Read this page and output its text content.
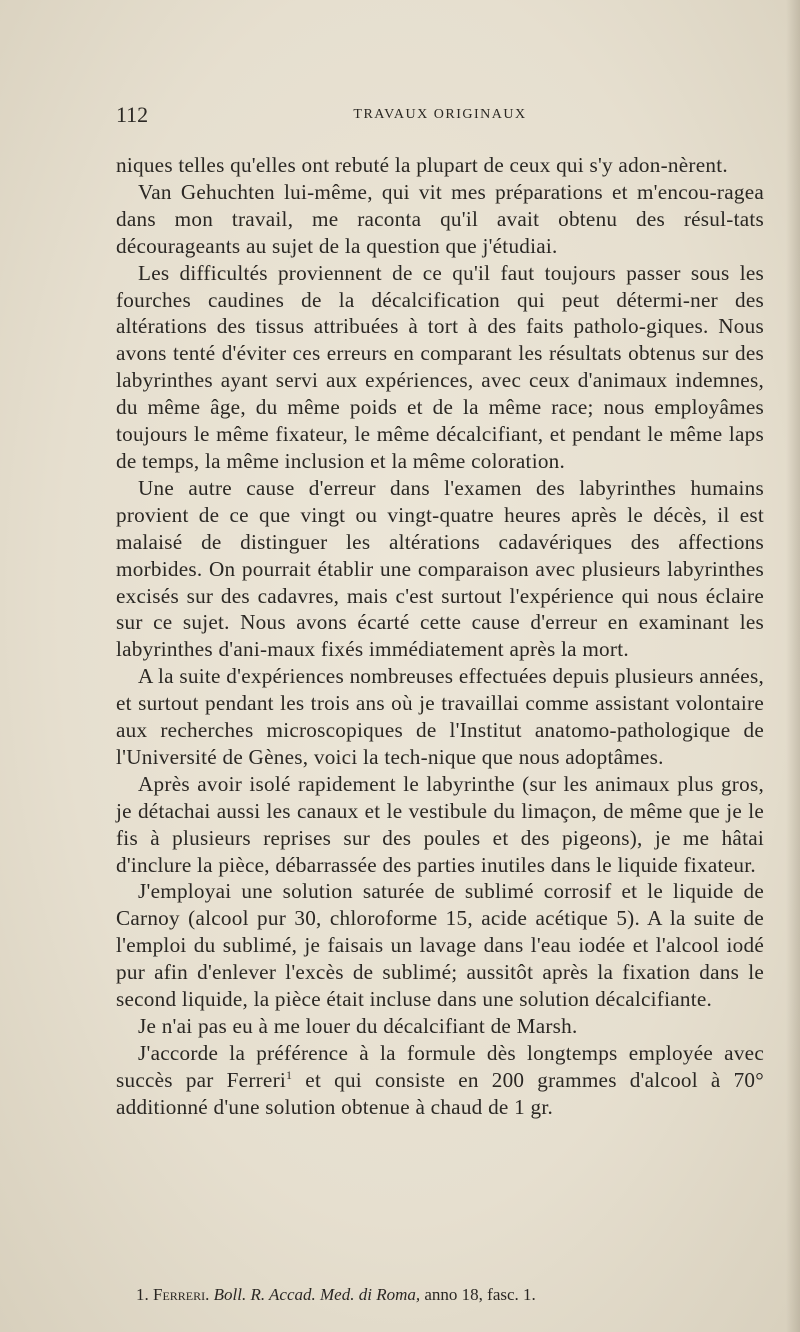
112	TRAVAUX ORIGINAUX

niques telles qu'elles ont rebuté la plupart de ceux qui s'y adon-nèrent.

Van Gehuchten lui-même, qui vit mes préparations et m'encou-ragea dans mon travail, me raconta qu'il avait obtenu des résul-tats décourageants au sujet de la question que j'étudiai.

Les difficultés proviennent de ce qu'il faut toujours passer sous les fourches caudines de la décalcification qui peut détermi-ner des altérations des tissus attribuées à tort à des faits patholo-giques. Nous avons tenté d'éviter ces erreurs en comparant les résultats obtenus sur des labyrinthes ayant servi aux expériences, avec ceux d'animaux indemnes, du même âge, du même poids et de la même race; nous employâmes toujours le même fixateur, le même décalcifiant, et pendant le même laps de temps, la même inclusion et la même coloration.

Une autre cause d'erreur dans l'examen des labyrinthes humains provient de ce que vingt ou vingt-quatre heures après le décès, il est malaisé de distinguer les altérations cadavériques des affections morbides. On pourrait établir une comparaison avec plusieurs labyrinthes excisés sur des cadavres, mais c'est surtout l'expérience qui nous éclaire sur ce sujet. Nous avons écarté cette cause d'erreur en examinant les labyrinthes d'ani-maux fixés immédiatement après la mort.

A la suite d'expériences nombreuses effectuées depuis plusieurs années, et surtout pendant les trois ans où je travaillai comme assistant volontaire aux recherches microscopiques de l'Institut anatomo-pathologique de l'Université de Gènes, voici la tech-nique que nous adoptâmes.

Après avoir isolé rapidement le labyrinthe (sur les animaux plus gros, je détachai aussi les canaux et le vestibule du limaçon, de même que je le fis à plusieurs reprises sur des poules et des pigeons), je me hâtai d'inclure la pièce, débarrassée des parties inutiles dans le liquide fixateur.

J'employai une solution saturée de sublimé corrosif et le liquide de Carnoy (alcool pur 30, chloroforme 15, acide acétique 5). A la suite de l'emploi du sublimé, je faisais un lavage dans l'eau iodée et l'alcool iodé pur afin d'enlever l'excès de sublimé; aussitôt après la fixation dans le second liquide, la pièce était incluse dans une solution décalcifiante.

Je n'ai pas eu à me louer du décalcifiant de Marsh.

J'accorde la préférence à la formule dès longtemps employée avec succès par Ferreri$^1$ et qui consiste en 200 grammes d'alcool à 70° additionné d'une solution obtenue à chaud de 1 gr.

1. Ferreri. Boll. R. Accad. Med. di Roma, anno 18, fasc. 1.
